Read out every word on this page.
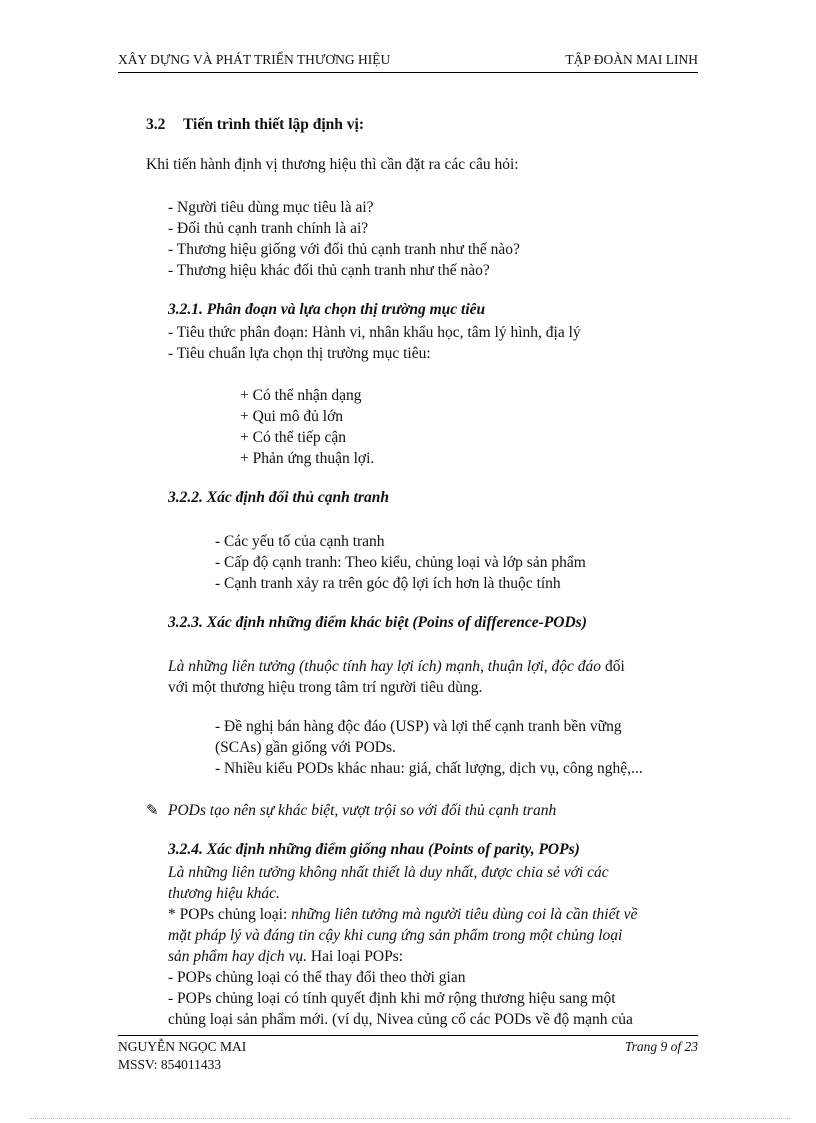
XÂY DỰNG VÀ PHÁT TRIỂN THƯƠNG HIỆU	TẬP ĐOÀN MAI LINH
3.2 Tiến trình thiết lập định vị:
Khi tiến hành định vị thương hiệu thì cần đặt ra các câu hỏi:
- Người tiêu dùng mục tiêu là ai?
- Đối thủ cạnh tranh chính là ai?
- Thương hiệu giống với đối thủ cạnh tranh như thế nào?
- Thương hiệu khác đối thủ cạnh tranh như thế nào?
3.2.1. Phân đoạn và lựa chọn thị trường mục tiêu
- Tiêu thức phân đoạn: Hành vi, nhân khẩu học, tâm lý hình, địa lý
- Tiêu chuẩn lựa chọn thị trường mục tiêu:
+ Có thể nhận dạng
+ Qui mô đủ lớn
+ Có thể tiếp cận
+ Phản ứng thuận lợi.
3.2.2. Xác định đối thủ cạnh tranh
- Các yếu tố của cạnh tranh
- Cấp độ cạnh tranh: Theo kiểu, chủng loại và lớp sản phẩm
- Cạnh tranh xảy ra trên góc độ lợi ích hơn là thuộc tính
3.2.3. Xác định những điểm khác biệt (Poins of difference-PODs)
Là những liên tưởng (thuộc tính hay lợi ích) mạnh, thuận lợi, độc đáo đối
với một thương hiệu trong tâm trí người tiêu dùng.
- Đề nghị bán hàng độc đáo (USP) và lợi thế cạnh tranh bền vững
(SCAs) gần giống với PODs.
- Nhiều kiểu PODs khác nhau: giá, chất lượng, dịch vụ, công nghệ,...
✎ PODs tạo nên sự khác biệt, vượt trội so với đối thủ cạnh tranh
3.2.4. Xác định những điểm giống nhau (Points of parity, POPs)
Là những liên tưởng không nhất thiết là duy nhất, được chia sẻ với các
thương hiệu khác.
* POPs chủng loại: những liên tưởng mà người tiêu dùng coi là cần thiết về
mặt pháp lý và đáng tin cậy khi cung ứng sản phẩm trong một chủng loại
sản phẩm hay dịch vụ. Hai loại POPs:
- POPs chủng loại có thể thay đổi theo thời gian
- POPs chủng loại có tính quyết định khi mở rộng thương hiệu sang một
chủng loại sản phẩm mới. (ví dụ, Nivea củng cố các PODs về độ mạnh của
NGUYỄN NGỌC MAI
MSSV: 854011433
Trang 9 of 23
